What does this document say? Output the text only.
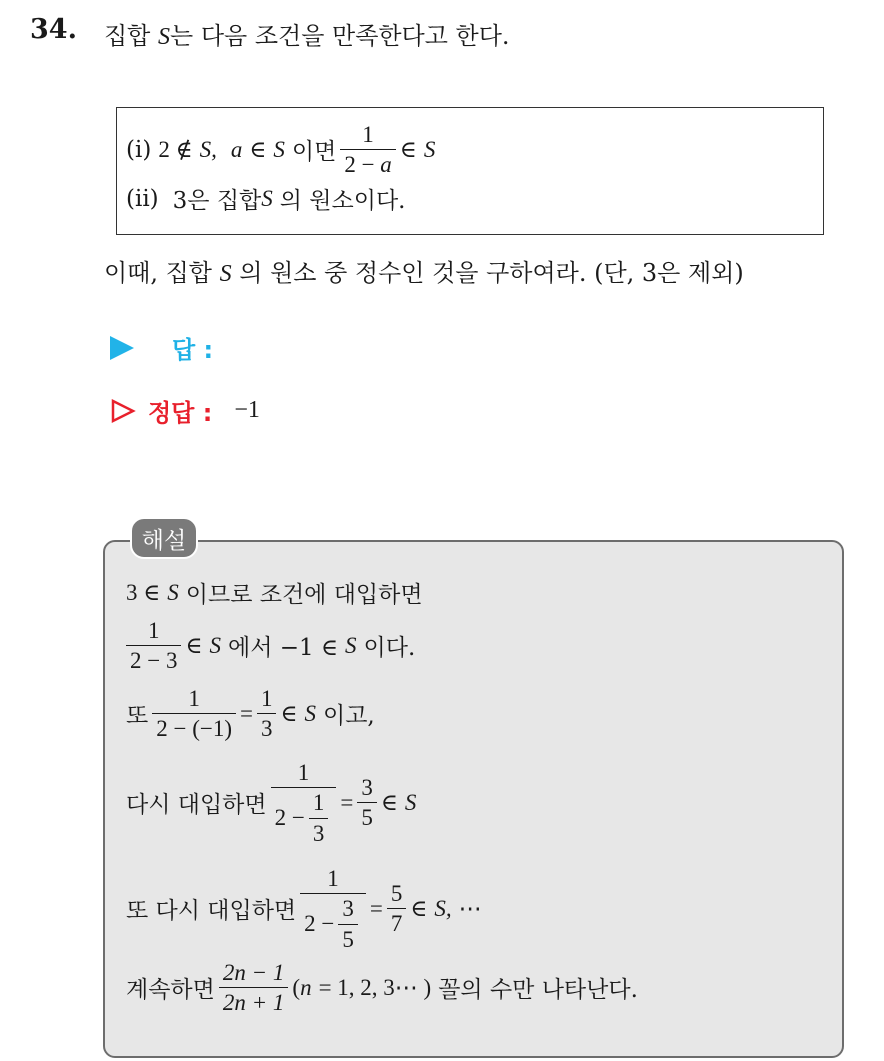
34. 집합 S는 다음 조건을 만족한다고 한다.
(i) 2 ∉ S, a ∈ S 이면 $\frac{1}{2 - a}$ ∈ S
(ii) 3은 집합 S 의 원소이다.
이때, 집합 S 의 원소 중 정수인 것을 구하여라. (단, 3은 제외)
답 :
정답 : −1
해설
3 ∈ S 이므로 조건에 대입하면
$\frac{1}{2 - 3}$ ∈ S 에서 −1 ∈ S 이다.
또 $\frac{1}{2 - (-1)} = \frac{1}{3}$ ∈ S 이고,
다시 대입하면 $\frac{1}{2 - \frac{1}{3}} = \frac{3}{5}$ ∈ S
또 다시 대입하면 $\frac{1}{2 - \frac{3}{5}} = \frac{5}{7}$ ∈ S, ⋯
계속하면 $\frac{2n - 1}{2n + 1}$ ( n = 1, 2, 3⋯ ) 꼴의 수만 나타난다.
